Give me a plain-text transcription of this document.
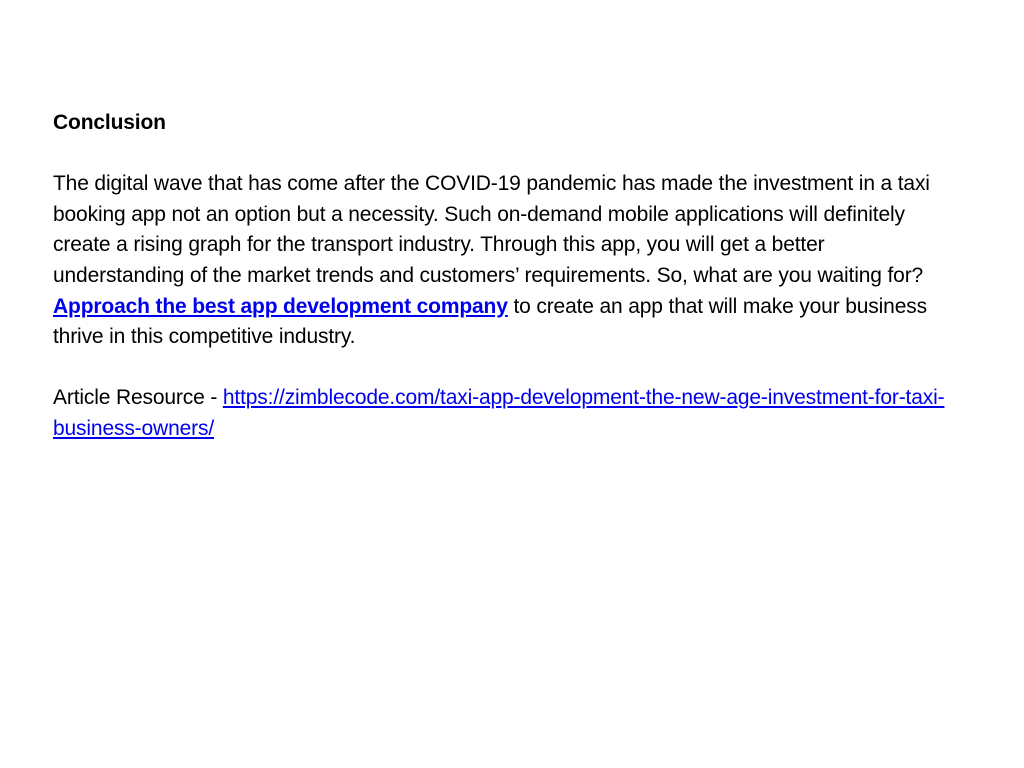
Conclusion

The digital wave that has come after the COVID-19 pandemic has made the investment in a taxi booking app not an option but a necessity. Such on-demand mobile applications will definitely create a rising graph for the transport industry. Through this app, you will get a better understanding of the market trends and customers’ requirements. So, what are you waiting for? Approach the best app development company to create an app that will make your business thrive in this competitive industry.

Article Resource - https://zimblecode.com/taxi-app-development-the-new-age-investment-for-taxi-business-owners/
